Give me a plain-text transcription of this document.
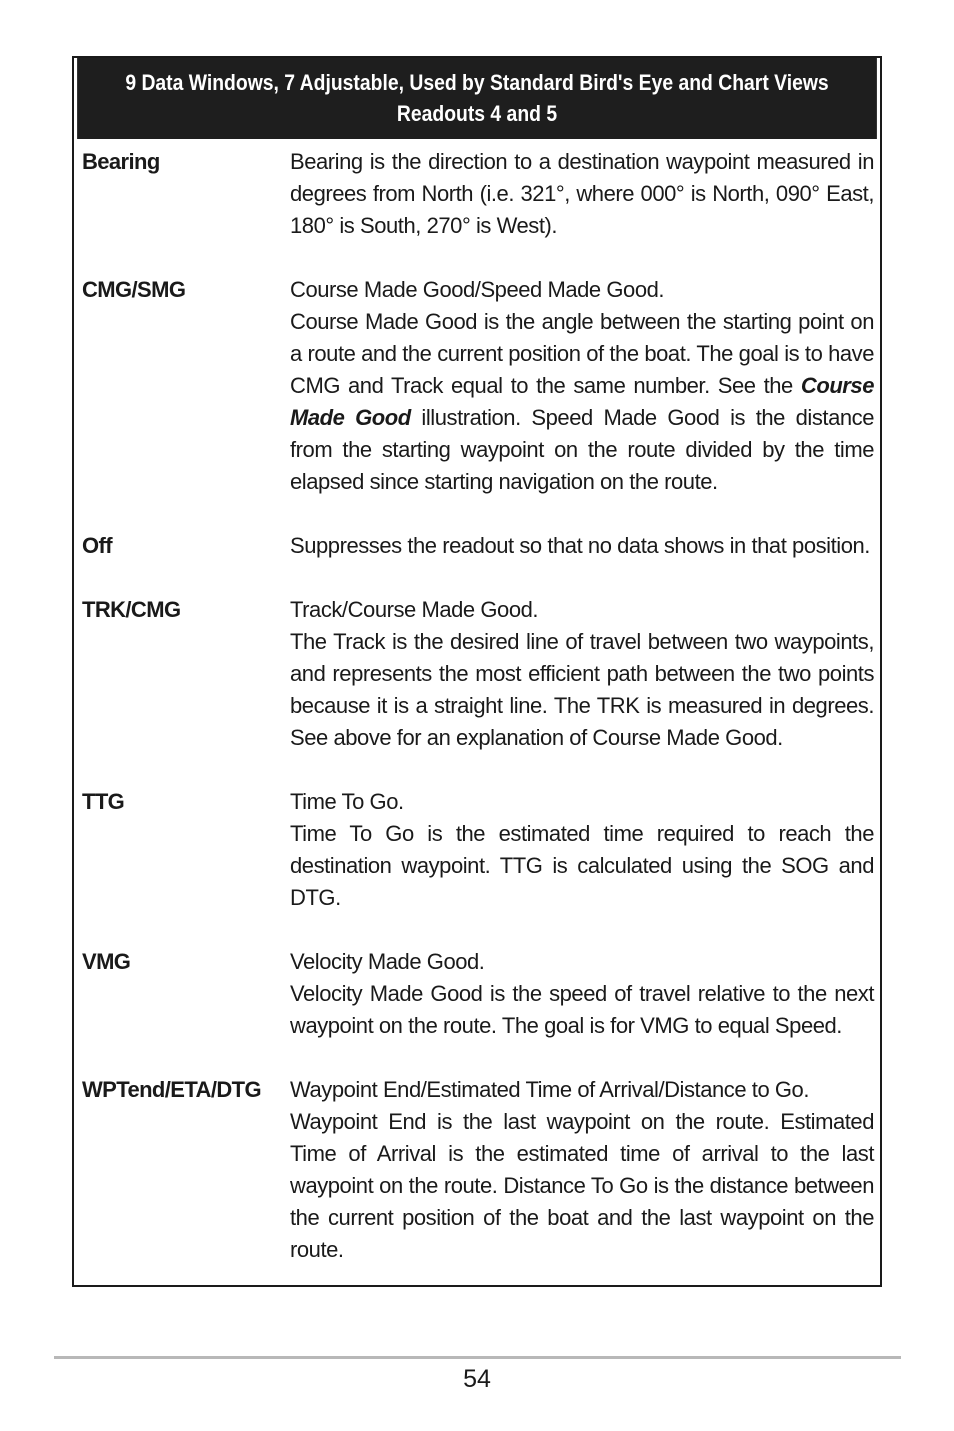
9 Data Windows, 7 Adjustable, Used by Standard Bird's Eye and Chart Views
Readouts 4 and 5
Bearing	Bearing is the direction to a destination waypoint measured in degrees from North (i.e. 321°, where 000° is North, 090° East, 180° is South, 270° is West).

CMG/SMG	Course Made Good/Speed Made Good.

Course Made Good is the angle between the starting point on a route and the current position of the boat. The goal is to have CMG and Track equal to the same number. See the Course Made Good illustration. Speed Made Good is the distance from the starting waypoint on the route divided by the time elapsed since starting navigation on the route.

Off	Suppresses the readout so that no data shows in that position.

TRK/CMG	Track/Course Made Good.

The Track is the desired line of travel between two waypoints, and represents the most efficient path between the two points because it is a straight line. The TRK is measured in degrees. See above for an explanation of Course Made Good.

TTG	Time To Go.

Time To Go is the estimated time required to reach the destination waypoint. TTG is calculated using the SOG and DTG.

VMG	Velocity Made Good.

Velocity Made Good is the speed of travel relative to the next waypoint on the route. The goal is for VMG to equal Speed.

WPTend/ETA/DTG	Waypoint End/Estimated Time of Arrival/Distance to Go.

Waypoint End is the last waypoint on the route. Estimated Time of Arrival is the estimated time of arrival to the last waypoint on the route. Distance To Go is the distance between the current position of the boat and the last waypoint on the route.

54
